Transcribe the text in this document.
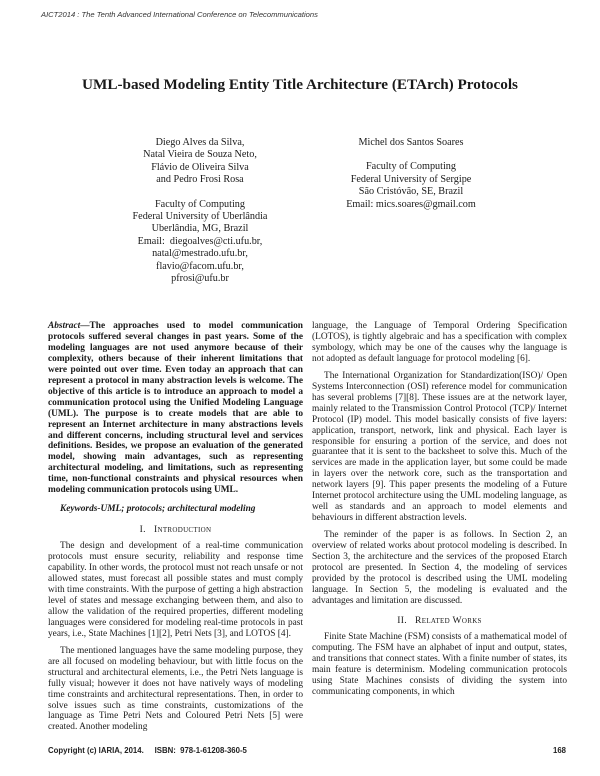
AICT2014 : The Tenth Advanced International Conference on Telecommunications
UML-based Modeling Entity Title Architecture (ETArch) Protocols
Diego Alves da Silva,
Natal Vieira de Souza Neto,
Flávio de Oliveira Silva
and Pedro Frosi Rosa
Faculty of Computing
Federal University of Uberlândia
Uberlândia, MG, Brazil
Email:  diegoalves@cti.ufu.br,
natal@mestrado.ufu.br,
flavio@facom.ufu.br,
pfrosi@ufu.br
Michel dos Santos Soares
Faculty of Computing
Federal University of Sergipe
São Cristóvão, SE, Brazil
Email: mics.soares@gmail.com

Abstract—The approaches used to model communication protocols suffered several changes in past years. Some of the modeling languages are not used anymore because of their complexity, others because of their inherent limitations that were pointed out over time. Even today an approach that can represent a protocol in many abstraction levels is welcome. The objective of this article is to introduce an approach to model a communication protocol using the Unified Modeling Language (UML). The purpose is to create models that are able to represent an Internet architecture in many abstractions levels and different concerns, including structural level and services definitions. Besides, we propose an evaluation of the generated model, showing main advantages, such as representing architectural modeling, and limitations, such as representing time, non-functional constraints and physical resources when modeling communication protocols using UML.

Keywords-UML; protocols; architectural modeling

I. Introduction

The design and development of a real-time communication protocols must ensure security, reliability and response time capability. In other words, the protocol must not reach unsafe or not allowed states, must forecast all possible states and must comply with time constraints. With the purpose of getting a high abstraction level of states and message exchanging between them, and also to allow the validation of the required properties, different modeling languages were considered for modeling real-time protocols in past years, i.e., State Machines [1][2], Petri Nets [3], and LOTOS [4].

The mentioned languages have the same modeling purpose, they are all focused on modeling behaviour, but with little focus on the structural and architectural elements, i.e., the Petri Nets language is fully visual; however it does not have natively ways of modeling time constraints and architectural representations. Then, in order to solve issues such as time constraints, customizations of the language as Time Petri Nets and Coloured Petri Nets [5] were created. Another modeling

language, the Language of Temporal Ordering Specification (LOTOS), is tightly algebraic and has a specification with complex symbology, which may be one of the causes why the language is not adopted as default language for protocol modeling [6].

The International Organization for Standardization(ISO)/ Open Systems Interconnection (OSI) reference model for communication has several problems [7][8]. These issues are at the network layer, mainly related to the Transmission Control Protocol (TCP)/ Internet Protocol (IP) model. This model basically consists of five layers: application, transport, network, link and physical. Each layer is responsible for ensuring a portion of the service, and does not guarantee that it is sent to the backsheet to solve this. Much of the services are made in the application layer, but some could be made in layers over the network core, such as the transportation and network layers [9]. This paper presents the modeling of a Future Internet protocol architecture using the UML modeling language, as well as standards and an approach to model elements and behaviours in different abstraction levels.

The reminder of the paper is as follows. In Section 2, an overview of related works about protocol modeling is described. In Section 3, the architecture and the services of the proposed Etarch protocol are presented. In Section 4, the modeling of services provided by the protocol is described using the UML modeling language. In Section 5, the modeling is evaluated and the advantages and limitation are discussed.

II. Related Works

Finite State Machine (FSM) consists of a mathematical model of computing. The FSM have an alphabet of input and output, states, and transitions that connect states. With a finite number of states, its main feature is determinism. Modeling communication protocols using State Machines consists of dividing the system into communicating components, in which

Copyright (c) IARIA, 2014.     ISBN:  978-1-61208-360-5	168
